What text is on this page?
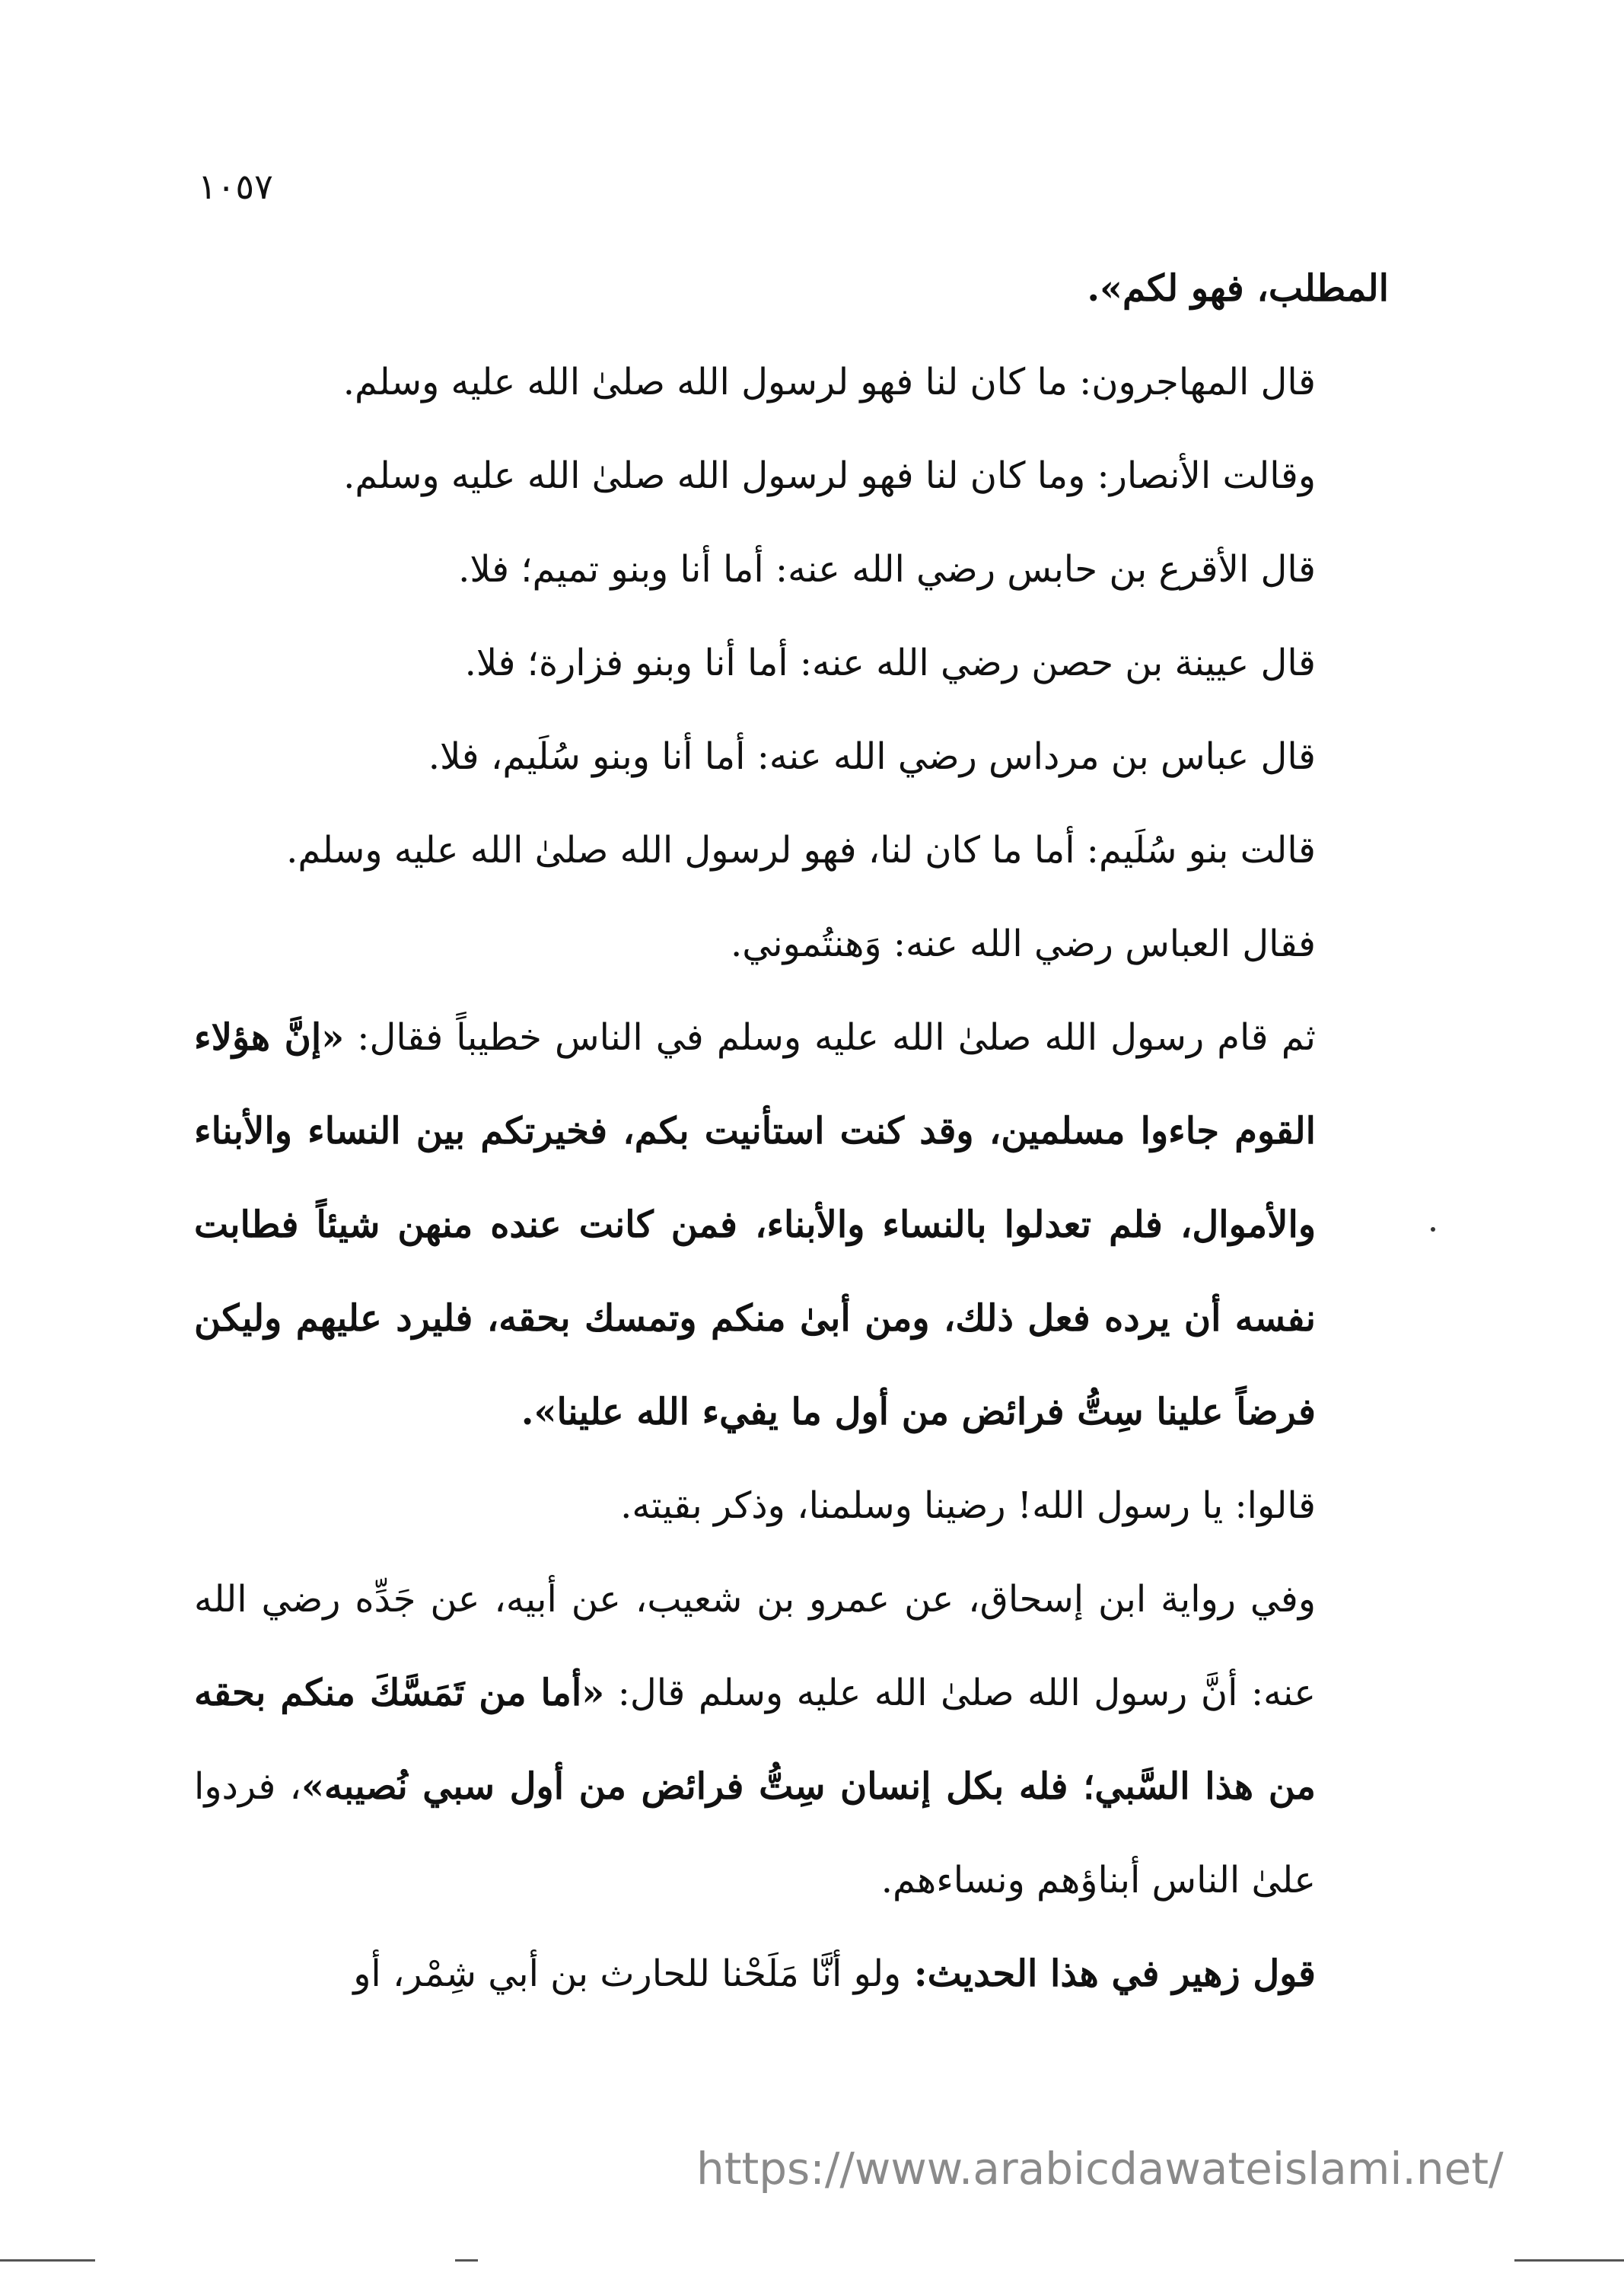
١٠٥٧

المطلب، فهو لكم».

قال المهاجرون: ما كان لنا فهو لرسول الله صلىٰ الله عليه وسلم.

وقالت الأنصار: وما كان لنا فهو لرسول الله صلىٰ الله عليه وسلم.

قال الأقرع بن حابس رضي الله عنه: أما أنا وبنو تميم؛ فلا.

قال عيينة بن حصن رضي الله عنه: أما أنا وبنو فزارة؛ فلا.

قال عباس بن مرداس رضي الله عنه: أما أنا وبنو سُلَيم، فلا.

قالت بنو سُلَيم: أما ما كان لنا، فهو لرسول الله صلىٰ الله عليه وسلم.

فقال العباس رضي الله عنه: وَهنتُموني.

ثم قام رسول الله صلىٰ الله عليه وسلم في الناس خطيباً فقال: «إنَّ هؤلاء القوم جاءوا مسلمين، وقد كنت استأنيت بكم، فخيرتكم بين النساء والأبناء والأموال، فلم تعدلوا بالنساء والأبناء، فمن كانت عنده منهن شيئاً فطابت نفسه أن يرده فعل ذلك، ومن أبىٰ منكم وتمسك بحقه، فليرد عليهم وليكن فرضاً علينا سِتُّ فرائض من أول ما يفيء الله علينا».

قالوا: يا رسول الله! رضينا وسلمنا، وذكر بقيته.

وفي رواية ابن إسحاق، عن عمرو بن شعيب، عن أبيه، عن جَدِّه رضي الله عنه: أنَّ رسول الله صلىٰ الله عليه وسلم قال: «أما من تَمَسَّكَ منكم بحقه من هذا السَّبي؛ فله بكل إنسان سِتُّ فرائض من أول سبي نُصيبه»، فردوا علىٰ الناس أبناؤهم ونساءهم.

قول زهير في هذا الحديث: ولو أنَّا مَلَحْنا للحارث بن أبي شِمْر، أو

https://www.arabicdawateislami.net/
